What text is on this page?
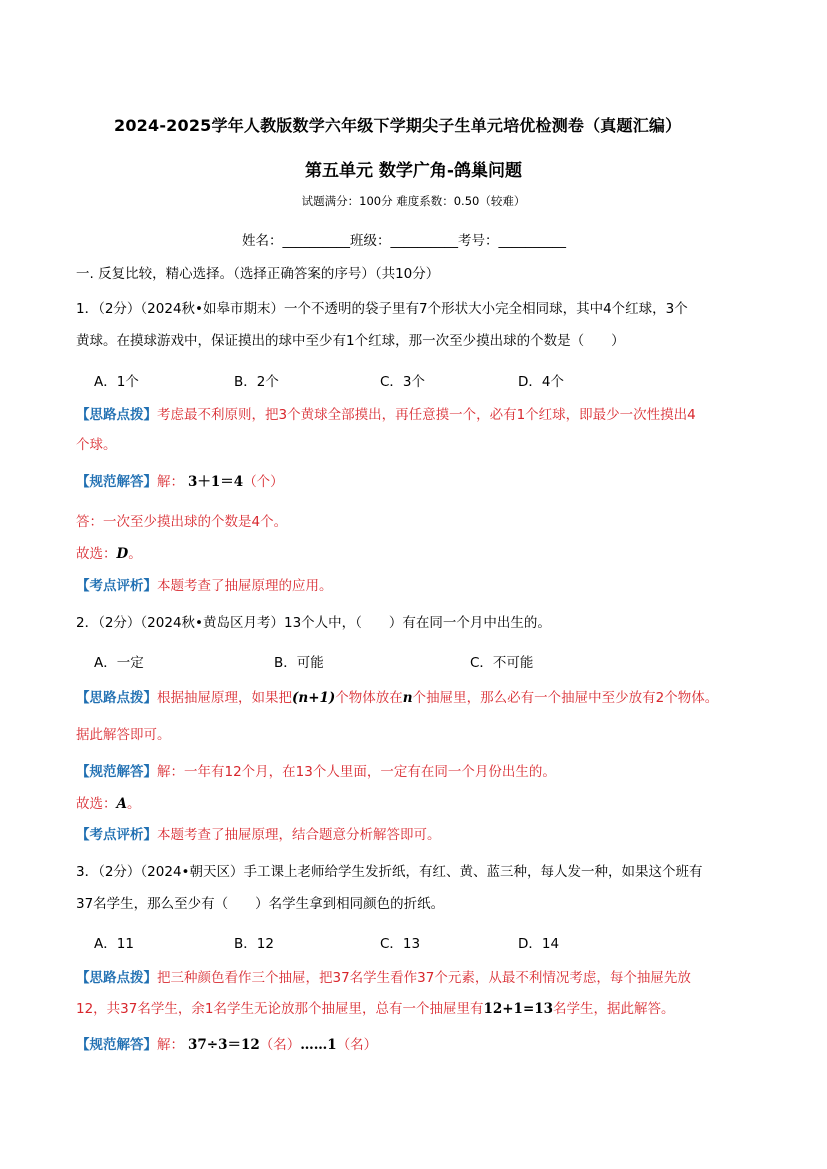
2024-2025学年人教版数学六年级下学期尖子生单元培优检测卷（真题汇编）
第五单元 数学广角-鸽巢问题
试题满分：100分 难度系数：0.50（较难）
姓名：__________班级：__________考号：__________
一. 反复比较，精心选择。（选择正确答案的序号）（共10分）
1．（2分）（2024秋•如皋市期末）一个不透明的袋子里有7个形状大小完全相同球，其中4个红球，3个
黄球。在摸球游戏中，保证摸出的球中至少有1个红球，那一次至少摸出球的个数是（　　）
A．1个	B．2个	C．3个	D．4个
【思路点拨】考虑最不利原则，把3个黄球全部摸出，再任意摸一个，必有1个红球，即最少一次性摸出4
个球。
【规范解答】解： 3＋1＝4（个）
答：一次至少摸出球的个数是4个。
故选：D。
【考点评析】本题考查了抽屉原理的应用。
2．（2分）（2024秋•黄岛区月考）13个人中，（　　）有在同一个月中出生的。
A．一定	B．可能	C．不可能
【思路点拨】根据抽屉原理，如果把(n+1)个物体放在n个抽屉里，那么必有一个抽屉中至少放有2个物体。
据此解答即可。
【规范解答】解：一年有12个月，在13个人里面，一定有在同一个月份出生的。
故选：A。
【考点评析】本题考查了抽屉原理，结合题意分析解答即可。
3．（2分）（2024•朝天区）手工课上老师给学生发折纸，有红、黄、蓝三种，每人发一种，如果这个班有
37名学生，那么至少有（　　）名学生拿到相同颜色的折纸。
A．11	B．12	C．13	D．14
【思路点拨】把三种颜色看作三个抽屉，把37名学生看作37个元素，从最不利情况考虑，每个抽屉先放
12，共37名学生，余1名学生无论放那个抽屉里，总有一个抽屉里有12+1=13名学生，据此解答。
【规范解答】解： 37÷3＝12（名）……1（名）
